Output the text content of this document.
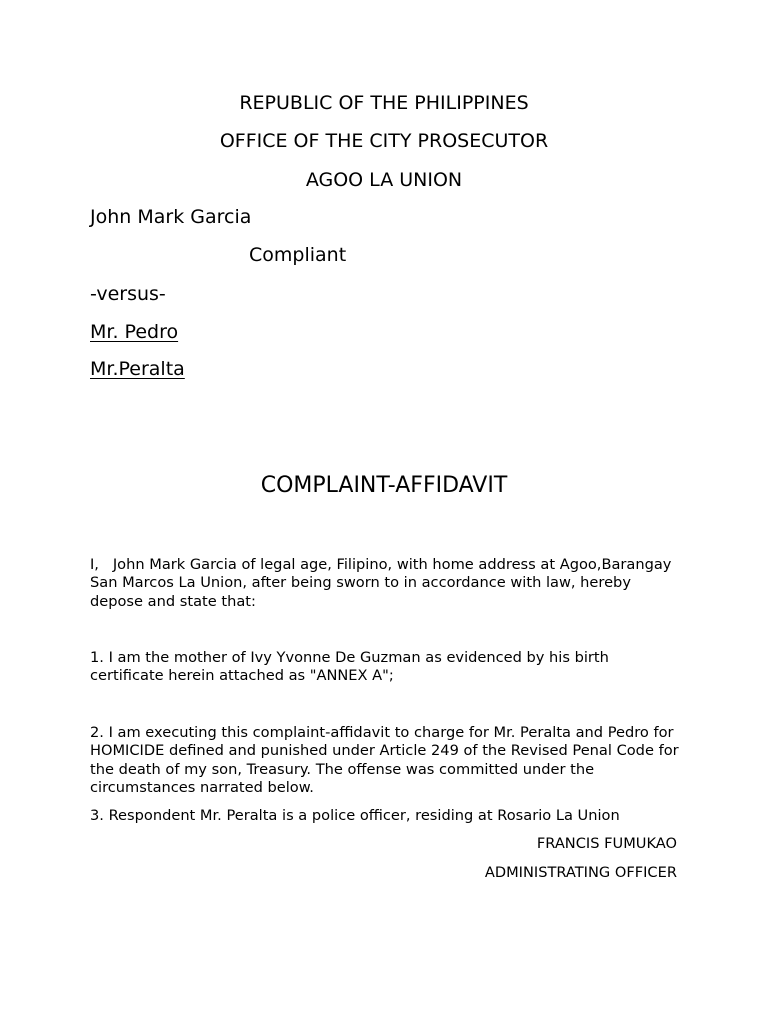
REPUBLIC OF THE PHILIPPINES

OFFICE OF THE CITY PROSECUTOR

AGOO LA UNION

John Mark Garcia

Compliant

-versus-

Mr. Pedro

Mr.Peralta

COMPLAINT-AFFIDAVIT

I,   John Mark Garcia of legal age, Filipino, with home address at Agoo,Barangay San Marcos La Union, after being sworn to in accordance with law, hereby depose and state that:

1. I am the mother of Ivy Yvonne De Guzman as evidenced by his birth certificate herein attached as "ANNEX A";

2. I am executing this complaint-affidavit to charge for Mr. Peralta and Pedro for HOMICIDE defined and punished under Article 249 of the Revised Penal Code for the death of my son, Treasury. The offense was committed under the circumstances narrated below.

3. Respondent Mr. Peralta is a police officer, residing at Rosario La Union

FRANCIS FUMUKAO

ADMINISTRATING OFFICER
